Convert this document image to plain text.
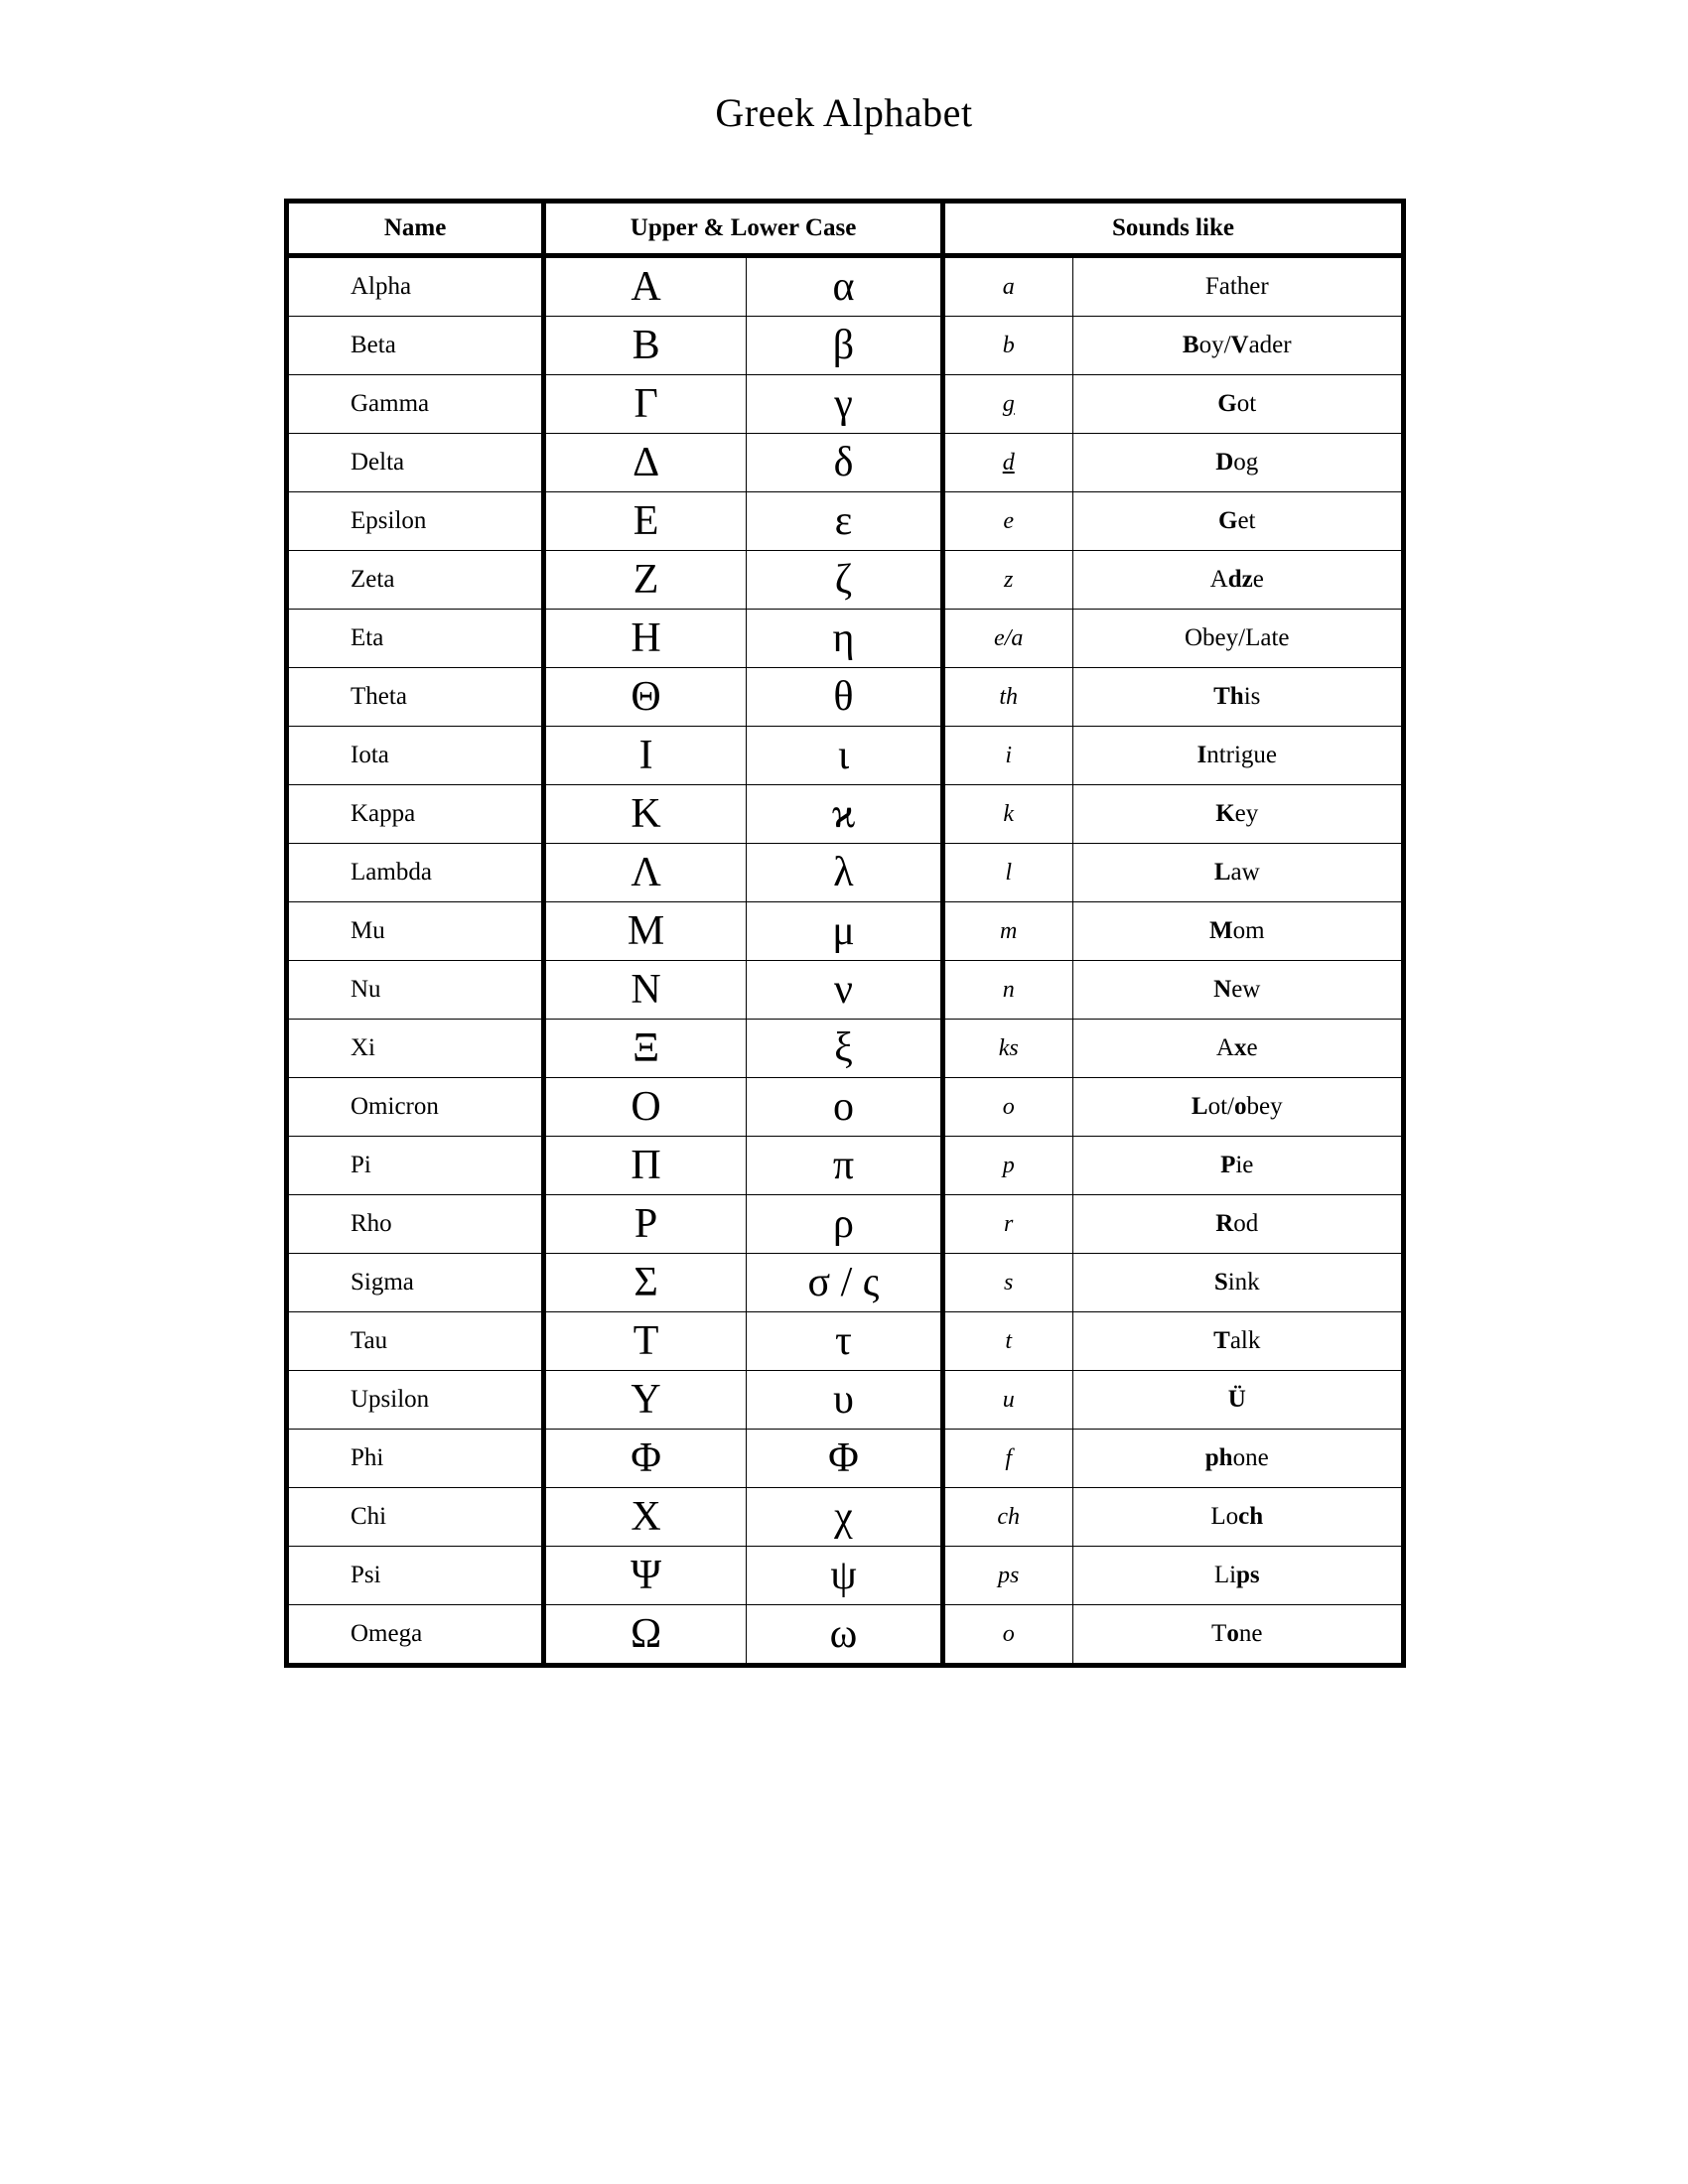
Greek Alphabet
Name	Upper & Lower Case		Sounds like	
Alpha	Α	α	a	Father
Beta	Β	β	b	Boy/Vader
Gamma	Γ	γ	g	Got
Delta	Δ	δ	d	Dog
Epsilon	Ε	ε	e	Get
Zeta	Ζ	ζ	z	Adze
Eta	Η	η	e/a	Obey/Late
Theta	Θ	θ	th	This
Iota	Ι	ι	i	Intrigue
Kappa	Κ	ϰ	k	Key
Lambda	Λ	λ	l	Law
Mu	Μ	μ	m	Mom
Nu	Ν	ν	n	New
Xi	Ξ	ξ	ks	Axe
Omicron	Ο	ο	o	Lot/obey
Pi	Π	π	p	Pie
Rho	Ρ	ρ	r	Rod
Sigma	Σ	σ / ς	s	Sink
Tau	Τ	τ	t	Talk
Upsilon	Υ	υ	u	Ü
Phi	Φ	Φ	f	phone
Chi	Χ	χ	ch	Loch
Psi	Ψ	ψ	ps	Lips
Omega	Ω	ω	o	Tone
